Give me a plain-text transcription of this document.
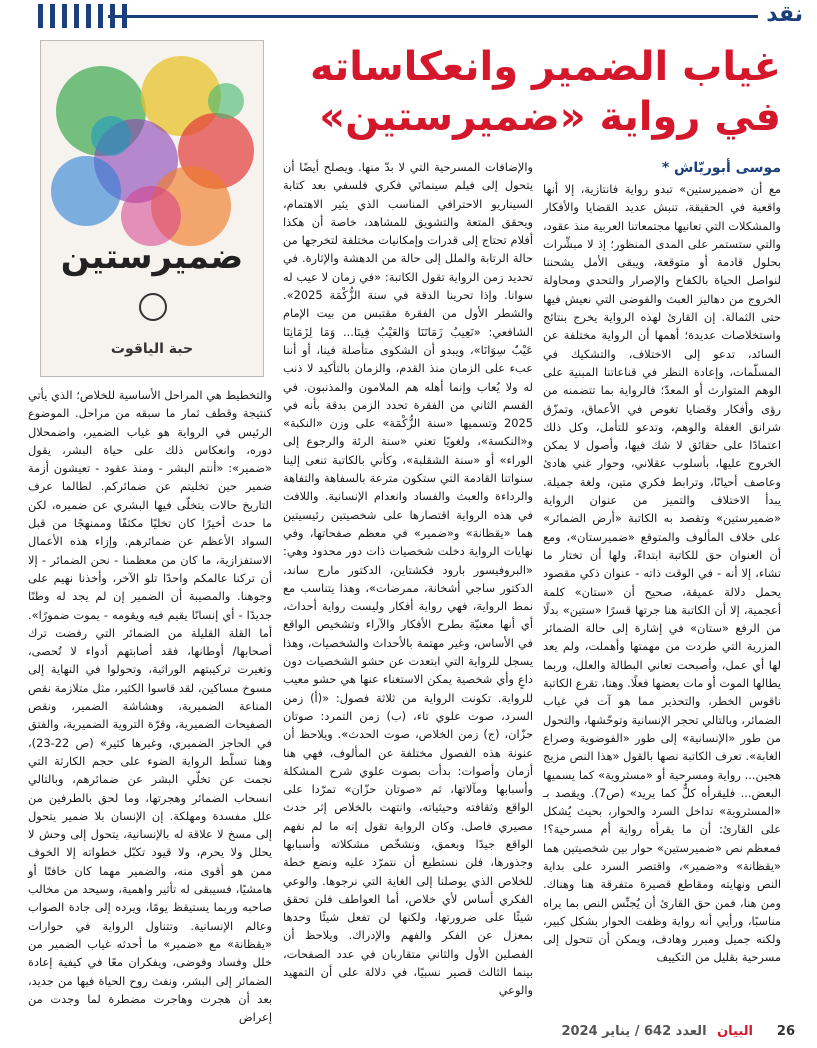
نقد
غياب الضمير وانعكاساته
في رواية «ضميرستين»
موسى أبوريّاش *
ضميرستين
حبة الياقوت

مع أن «ضميرستين» تبدو رواية فانتازية، إلا أنها واقعية في الحقيقة، تنبش عديد القضايا والأفكار والمشكلات التي تعانيها مجتمعاتنا العربية منذ عقود، والتي ستستمر على المدى المنظور؛ إذ لا مبشِّرات بحلول قادمة أو متوقعة، ويبقى الأمل يشحننا لنواصل الحياة بالكفاح والإصرار والتحدي ومحاولة الخروج من دهاليز العبث والفوضى التي نعيش فيها حتى الثمالة. إن القارئ لهذه الرواية يخرج بنتائج واستخلاصات عديدة؛ أهمها أن الرواية مختلفة عن السائد، تدعو إلى الاختلاف، والتشكيك في المسلّمات، وإعادة النظر في قناعاتنا المبنية على الوهم المتوارث أو المعدّ؛ فالرواية بما تتضمنه من رؤى وأفكار وقضايا تغوص في الأعماق، وتمزّق شرانق الغفلة والوهم، وتدعو للتأمل، وكل ذلك اعتمادًا على حقائق لا شك فيها، وأصول لا يمكن الخروج عليها، بأسلوب عقلاني، وحوار غني هادئ وعاصف أحيانًا، وترابط فكري متين، ولغة جميلة. يبدأ الاختلاف والتميز من عنوان الرواية «ضميرستين» وتقصد به الكاتبة «أرض الضمائر» على خلاف المألوف والمتوقع «ضميرستان»، ومع أن العنوان حق للكاتبة ابتداءً، ولها أن تختار ما تشاء، إلا أنه - في الوقت ذاته - عنوان ذكي مقصود يحمل دلالة عميقة، صحيح أن «ستان» كلمة أعجمية، إلا أن الكاتبة هنا جرتها قسرًا «ستين» بدلًا من الرفع «ستان» في إشارة إلى حالة الضمائر المزرية التي طردت من مهمتها وأهملت، ولم يعد لها أي عمل، وأصبحت تعاني البطالة والعلل، وربما يطالها الموت أو مات بعضها فعلًا. وهنا، تقرع الكاتبة ناقوس الخطر، والتحذير مما هو آت في غياب الضمائر، وبالتالي تحجر الإنسانية وتوحّشها، والتحول من طور «الإنسانية» إلى طور «الفوضوية وصراع الغابة». تعرف الكاتبة نصها بالقول «هذا النص مزيج هجين... رواية ومسرحية أو «مسثروية» كما يسميها البعض... فليقرأه كلٌّ كما يريد» (ص7). ويقصد بـ «المسثروية» تداخل السرد والحوار، بحيث يُشكل على القارئ: أن ما يقرأه رواية أم مسرحية؟! فمعظم نص «ضميرستين» حوار بين شخصيتين هما «يقظانة» و«ضمير»، واقتصر السرد على بداية النص ونهايته ومقاطع قصيرة متفرقة هنا وهناك. ومن هنا، فمن حق القارئ أن يُجنِّس النص بما يراه مناسبًا، ورأيي أنه رواية وظفت الحوار بشكل كبير، ولكنه جميل ومبرر وهادف، ويمكن أن تتحول إلى مسرحية بقليل من التكييف

والإضافات المسرحية التي لا بدّ منها. ويصلح أيضًا أن يتحول إلى فيلم سينمائي فكري فلسفي بعد كتابة السيناريو الاحترافي المناسب الذي يثير الاهتمام، ويحقق المتعة والتشويق للمشاهد، خاصة أن هكذا أفلام تحتاج إلى قدرات وإمكانيات مختلفة لتخرجها من حالة الرتابة والملل إلى حالة من الدهشة والإثارة. في تحديد زمن الرواية تقول الكاتبة: «في زمان لا عيب له سوانا. وإذا تحرينا الدقة في سنة الزُّكْمَة 2025». والشطر الأول من الفقرة مقتبس من بيت الإمام الشافعي: «نَعِيبُ زَمَانَنَا وَالعَيْبُ فِينَا... وَمَا لِزَمَانِنَا عَيْبٌ سِوَانَا»، ويبدو أن الشكوى متأصلة فينا، أو أننا عبء على الزمان منذ القدم، والزمان بالتأكيد لا ذنب له ولا يُعاب وإنما أهله هم الملامون والمذنبون. في القسم الثاني من الفقرة تحدد الزمن بدقة بأنه في 2025 وتسميها «سنة الزُّكْمَة» على وزن «النكبة» و«النكسة»، ولغويًا تعني «سنة الرئة والرجوع إلى الوراء» أو «سنة الشقلبة»، وكأني بالكاتبة تنعى إلينا سنواتنا القادمة التي ستكون مترعة بالسفاهة والتفاهة والرداءة والعبث والفساد وانعدام الإنسانية. واللافت في هذه الرواية اقتصارها على شخصيتين رئيسيتين هما «يقظانة» و«ضمير» في معظم صفحاتها، وفي نهايات الرواية دخلت شخصيات ذات دور محدود وهي: «البروفيسور بارود فكشتاين، الدكتور مارج ساند، الدكتور ساجي أشخانة، ممرضات»، وهذا يتناسب مع نمط الرواية، فهي رواية أفكار وليست رواية أحداث، أي أنها معنيّة بطرح الأفكار والآراء وتشخيص الواقع في الأساس، وغير مهتمة بالأحداث والشخصيات، وهذا يسجل للرواية التي ابتعدت عن حشو الشخصيات دون داعٍ وأي شخصية يمكن الاستغناء عنها هي حشو معيب للرواية. تكونت الرواية من ثلاثة فصول: «(أ) زمن السرد، صوت علوي تاء، (ب) زمن التمرد: صوتان حزّان، (ج) زمن الخلاص، صوت الحدث». ويلاحظ أن عنونة هذه الفصول مختلفة عن المألوف، فهي هنا أزمان وأصوات: بدأت بصوت علوي شرح المشكلة وأسبابها ومآلاتها، ثم «صوتان حزّان» تمرّدا على الواقع وثقافته وحيثياته، وانتهت بالخلاص إثر حدث مصيري فاصل. وكان الرواية تقول إنه ما لم نفهم الواقع جيدًا وبعمق، ونشخّص مشكلاته وأسبابها وجذورها، فلن نستطيع أن نتمرّد عليه ونضع خطة للخلاص الذي يوصلنا إلى الغاية التي نرجوها. والوعي الفكري أساس لأي خلاص، أما العواطف فلن تحقق شيئًا على ضرورتها، ولكنها لن تفعل شيئًا وحدها بمعزل عن الفكر والفهم والإدراك. ويلاحظ أن الفصلين الأول والثاني متقاربان في عدد الصفحات، بينما الثالث قصير نسبيًا، في دلالة على أن التمهيد والوعي

والتخطيط هي المراحل الأساسية للخلاص؛ الذي يأتي كنتيجة وقطف ثمار ما سبقه من مراحل. الموضوع الرئيس في الرواية هو غياب الضمير، واضمحلال دوره، وانعكاس ذلك على حياة البشر، يقول «ضمير»: «أنتم البشر - ومنذ عقود - تعيشون أزمة ضمير حين تخليتم عن ضمائركم. لطالما عرف التاريخ حالات يتخلّى فيها البشري عن ضميره، لكن ما حدث أخيرًا كان تخليًا مكثفًا وممنهجًا من قبل السواد الأعظم عن ضمائرهم. وإزاء هذه الأعمال الاستفزازية، ما كان من معظمنا - نحن الضمائر - إلا أن تركنا عالمكم واحدًا تلو الآخر، وأخذنا نهيم على وجوهنا. والمصيبة أن الضمير إن لم يجد له وطنًا جديدًا - أي إنسانًا يقيم فيه ويقومه - يموت ضمورًا». أما القلة القليلة من الضمائر التي رفضت ترك أصحابها/ أوطانها، فقد أصابتهم أدواء لا تُحصى، وتغيرت تركيبتهم الوراثية، وتحولوا في النهاية إلى مسوخ مساكين، لقد قاسوا الكثير، مثل متلازمة نقص المناعة الضميرية، وهشاشة الضمير، ونقص الصفيحات الضميرية، وقرّة التروية الضميرية، والفتق في الحاجز الضميري، وغيرها كثير» (ص 22-23)، وهنا تسلّط الرواية الضوء على حجم الكارثة التي نجمت عن تخلّي البشر عن ضمائرهم، وبالتالي انسحاب الضمائر وهجرتها، وما لحق بالطرفين من علل مفسدة ومهلكة. إن الإنسان بلا ضمير يتحول إلى مسخ لا علاقة له بالإنسانية، يتحول إلى وحش لا يحلل ولا يحرم، ولا قيود تكبّل خطواته إلا الخوف ممن هو أقوى منه، والضمير مهما كان خافتًا أو هامشيًا، فسيبقى له تأثير واهمية، وسيحد من مخالب صاحبه وربما يستيقظ يومًا، ويرده إلى جادة الصواب وعالم الإنسانية. وتتناول الرواية في حوارات «يقظانة» مع «ضمير» ما أحدثه غياب الضمير من خلل وفساد وفوضى، ويفكران معًا في كيفية إعادة الضمائر إلى البشر، ونفث روح الحياة فيها من جديد، بعد أن هجرت وهاجرت مضطرة لما وجدت من إعراض

26
البيان العدد 642 / يناير 2024
